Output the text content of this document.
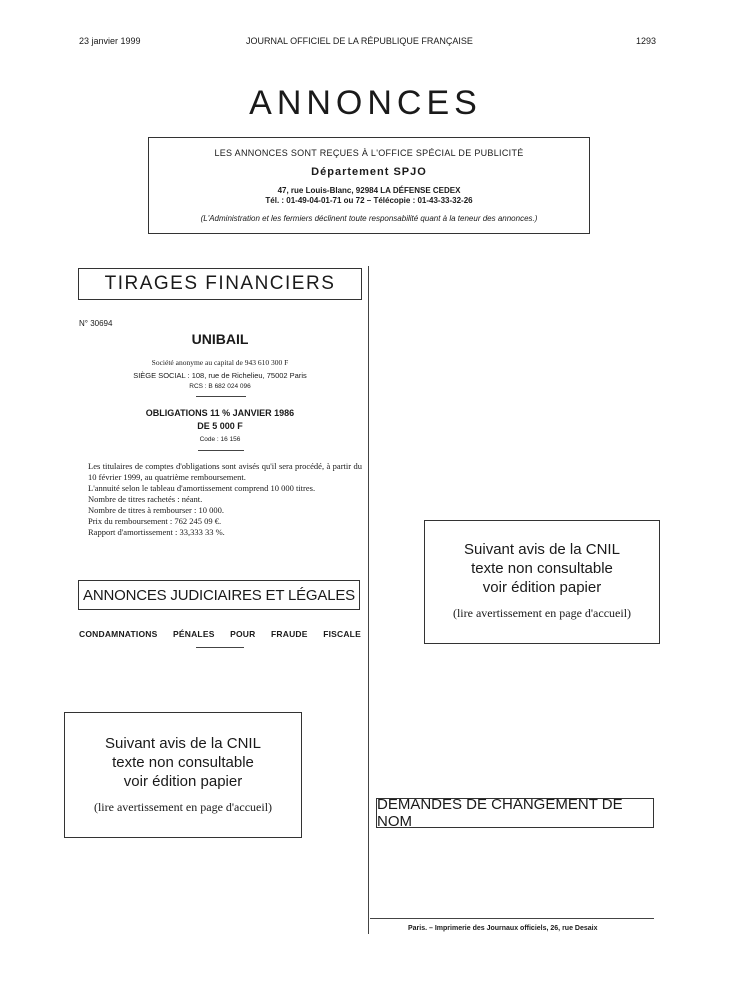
23 janvier 1999	JOURNAL OFFICIEL DE LA RÉPUBLIQUE FRANÇAISE	1293
ANNONCES
LES ANNONCES SONT REÇUES À L'OFFICE SPÉCIAL DE PUBLICITÉ
Département SPJO
47, rue Louis-Blanc, 92984 LA DÉFENSE CEDEX
Tél. : 01-49-04-01-71 ou 72 – Télécopie : 01-43-33-32-26
(L'Administration et les fermiers déclinent toute responsabilité quant à la teneur des annonces.)
TIRAGES FINANCIERS
N° 30694
UNIBAIL
Société anonyme au capital de 943 610 300 F
SIÈGE SOCIAL : 108, rue de Richelieu, 75002 Paris
RCS : B 682 024 096
OBLIGATIONS 11 % JANVIER 1986
DE 5 000 F
Code : 16 156

Les titulaires de comptes d'obligations sont avisés qu'il sera procédé, à partir du 10 février 1999, au quatrième remboursement.

L'annuité selon le tableau d'amortissement comprend 10 000 titres.

Nombre de titres rachetés : néant.

Nombre de titres à rembourser : 10 000.

Prix du remboursement : 762 245 09 €.

Rapport d'amortissement : 33,333 33 %.

ANNONCES JUDICIAIRES ET LÉGALES
CONDAMNATIONS PÉNALES POUR FRAUDE FISCALE
Suivant avis de la CNIL
texte non consultable
voir édition papier
(lire avertissement en page d'accueil)
Suivant avis de la CNIL
texte non consultable
voir édition papier
(lire avertissement en page d'accueil)	DEMANDES DE CHANGEMENT DE NOM
Paris. – Imprimerie des Journaux officiels, 26, rue Desaix
